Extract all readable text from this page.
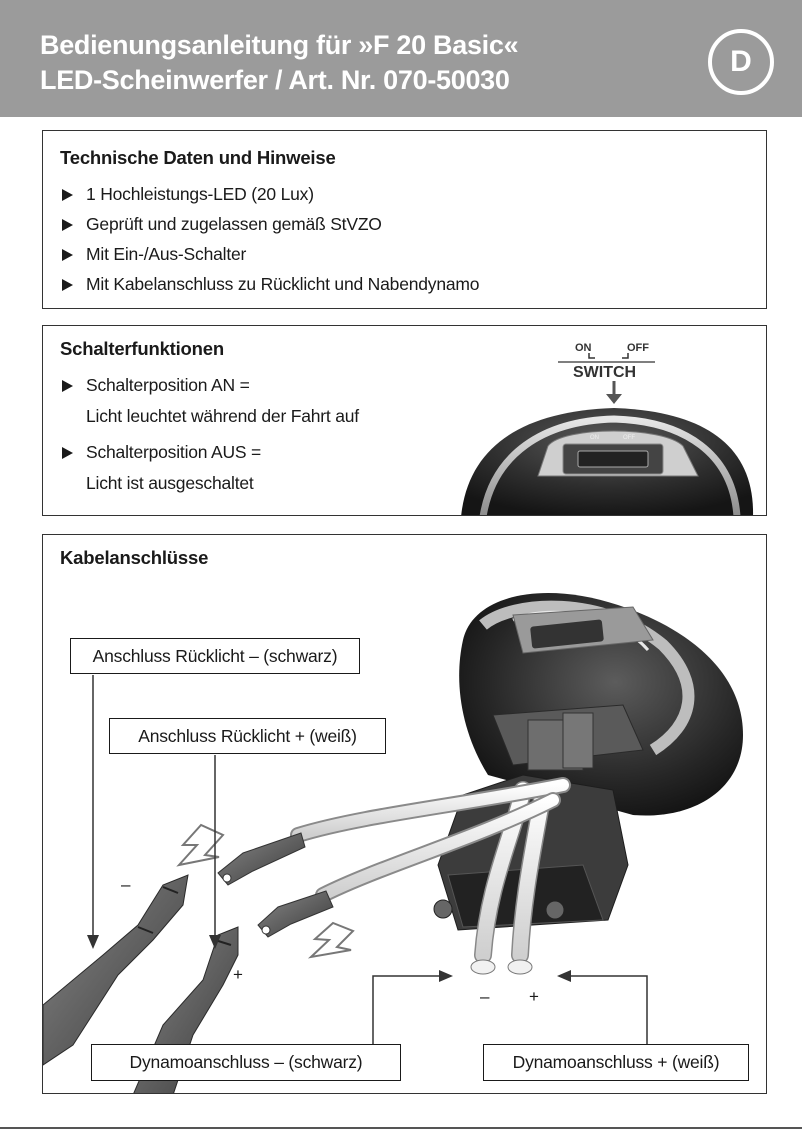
Bedienungsanleitung für »F 20 Basic«
LED-Scheinwerfer / Art. Nr. 070-50030
D
Technische Daten und Hinweise
1 Hochleistungs-LED (20 Lux)
Geprüft und zugelassen gemäß StVZO
Mit Ein-/Aus-Schalter
Mit Kabelanschluss zu Rücklicht und Nabendynamo
Schalterfunktionen
Schalterposition AN =
Licht leuchtet während der Fahrt auf
Schalterposition AUS =
Licht ist ausgeschaltet
ON	OFF
SWITCH
ON	OFF
Kabelanschlüsse
–
+
– +
Anschluss Rücklicht – (schwarz)
Anschluss Rücklicht + (weiß)
Dynamoanschluss – (schwarz)	Dynamoanschluss + (weiß)
